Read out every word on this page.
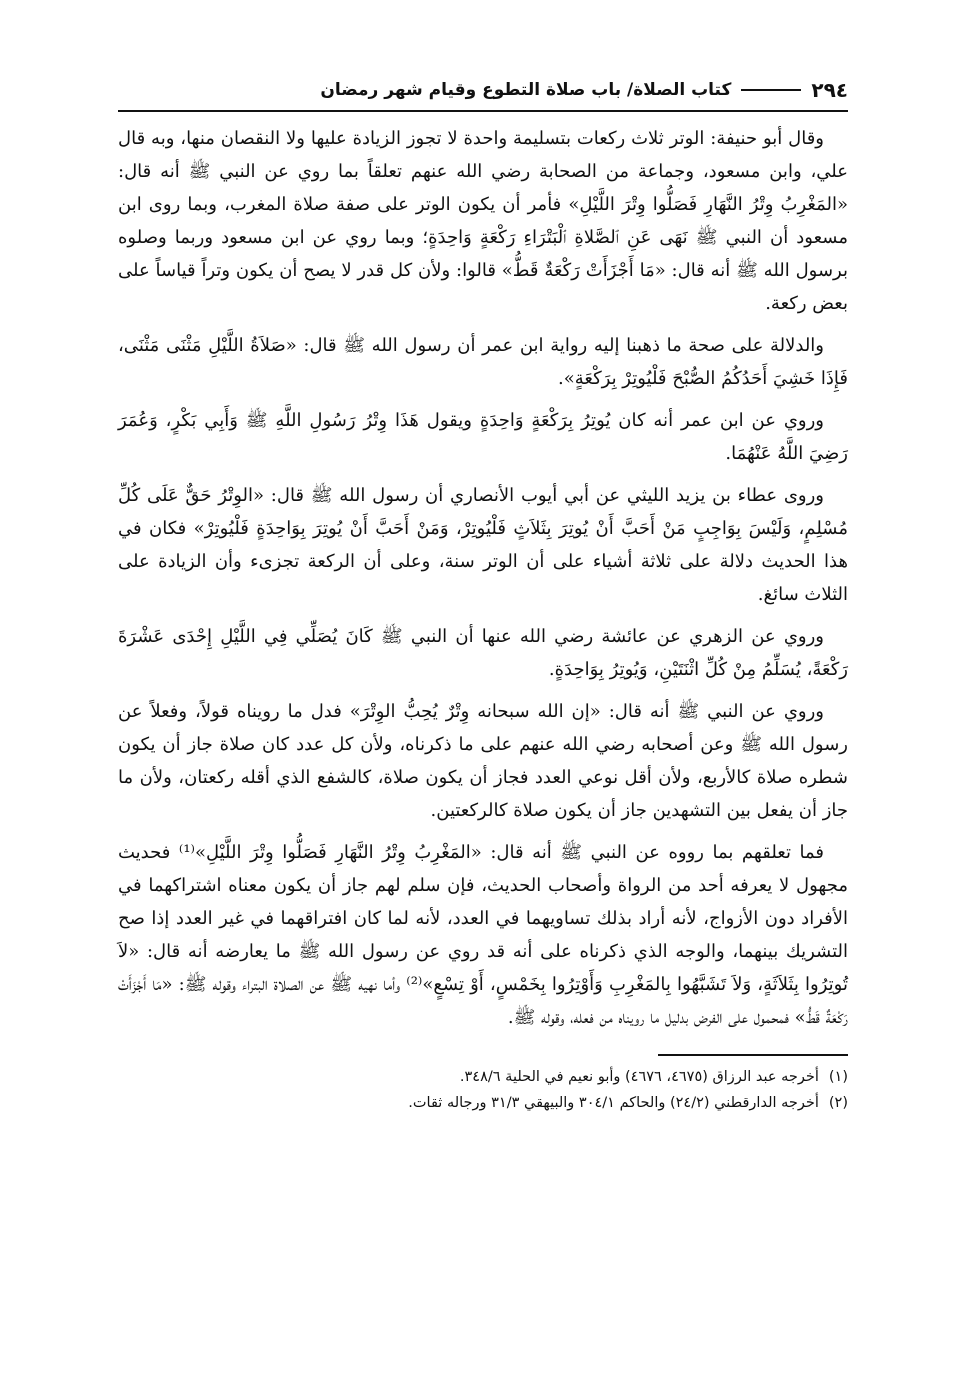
٢٩٤
كتاب الصلاة/ باب صلاة التطوع وقيام شهر رمضان

وقال أبو حنيفة: الوتر ثلاث ركعات بتسليمة واحدة لا تجوز الزيادة عليها ولا النقصان منها، وبه قال علي، وابن مسعود، وجماعة من الصحابة رضي الله عنهم تعلقاً بما روي عن النبي ﷺ أنه قال: «المَغْرِبُ وِتْرُ النَّهَارِ فَصَلُّوا وِتْرَ اللَّيْلِ» فأمر أن يكون الوتر على صفة صلاة المغرب، وبما روى ابن مسعود أن النبي ﷺ نَهَى عَنِ ٱلصَّلاةِ ٱلْبَتْرَاءِ رَكْعَةٍ وَاحِدَةٍ؛ وبما روي عن ابن مسعود وربما وصلوه برسول الله ﷺ أنه قال: «مَا أَجْزَأَتْ رَكْعَةٌ قَطُّ» قالوا: ولأن كل قدر لا يصح أن يكون وتراً قياساً على بعض ركعة.

والدلالة على صحة ما ذهبنا إليه رواية ابن عمر أن رسول الله ﷺ قال: «صَلاَةُ اللَّيْلِ مَثْنَى مَثْنَى، فَإِذَا خَشِيَ أَحَدُكُمُ الصُّبْحَ فَلْيُوتِرْ بِرَكْعَةٍ».

وروي عن ابن عمر أنه كان يُوتِرُ بِرَكْعَةٍ وَاحِدَةٍ ويقول هَذَا وِتْرُ رَسُولِ اللَّهِ ﷺ وَأَبِي بَكْرٍ، وَعُمَرَ رَضِيَ اللَّهُ عَنْهُمَا.

وروى عطاء بن يزيد الليثي عن أبي أيوب الأنصاري أن رسول الله ﷺ قال: «الوِتْرُ حَقٌّ عَلَى كُلِّ مُسْلِمٍ، وَلَيْسَ بِوَاجِبٍ مَنْ أَحَبَّ أَنْ يُوتِرَ بِثَلاَثٍ فَلْيُوتِرْ، وَمَنْ أَحَبَّ أَنْ يُوتِرَ بِوَاحِدَةٍ فَلْيُوتِرْ» فكان في هذا الحديث دلالة على ثلاثة أشياء على أن الوتر سنة، وعلى أن الركعة تجزىء وأن الزيادة على الثلاث سائغ.

وروي عن الزهري عن عائشة رضي الله عنها أن النبي ﷺ كَانَ يُصَلِّي فِي اللَّيْلِ إِحْدَى عَشْرَةَ رَكْعَةً، يُسَلِّمُ مِنْ كُلِّ اثْنَتَيْنِ، وَيُوتِرُ بِوَاحِدَةٍ.

وروي عن النبي ﷺ أنه قال: «إن الله سبحانه وِتْرٌ يُحِبُّ الوِتْرَ» فدل ما رويناه قولاً، وفعلاً عن رسول الله ﷺ وعن أصحابه رضي الله عنهم على ما ذكرناه، ولأن كل عدد كان صلاة جاز أن يكون شطره صلاة كالأربع، ولأن أقل نوعي العدد فجاز أن يكون صلاة، كالشفع الذي أقله ركعتان، ولأن ما جاز أن يفعل بين التشهدين جاز أن يكون صلاة كالركعتين.

فما تعلقهم بما رووه عن النبي ﷺ أنه قال: «المَغْرِبُ وِتْرُ النَّهَارِ فَصَلُّوا وِتْرَ اللَّيْلِ»⁽¹⁾ فحديث مجهول لا يعرفه أحد من الرواة وأصحاب الحديث، فإن سلم لهم جاز أن يكون معناه اشتراكهما في الأفراد دون الأزواج، لأنه أراد بذلك تساويهما في العدد، لأنه لما كان افتراقهما في غير العدد إذا صح التشريك بينهما، والوجه الذي ذكرناه على أنه قد روي عن رسول الله ﷺ ما يعارضه أنه قال: «لاَ تُوتِرُوا بِثَلاَثَةٍ، وَلاَ تَشَبَّهُوا بِالمَغْرِبِ وَأَوْتِرُوا بِخَمْسٍ، أَوْ تِسْعٍ»⁽²⁾ وأما نهيه ﷺ عن الصلاة البتراء وقوله ﷺ: «مَا أَجْزَأَتْ رَكْعَةٌ قَطُّ» فمحمول على الفرض بدليل ما رويناه من فعله، وقوله ﷺ.

(١)أخرجه عبد الرزاق (٤٦٧٥، ٤٦٧٦) وأبو نعيم في الحلية ٣٤٨/٦.

(٢)أخرجه الدارقطني (٢٤/٢) والحاكم ٣٠٤/١ والبيهقي ٣١/٣ ورجاله ثقات.
